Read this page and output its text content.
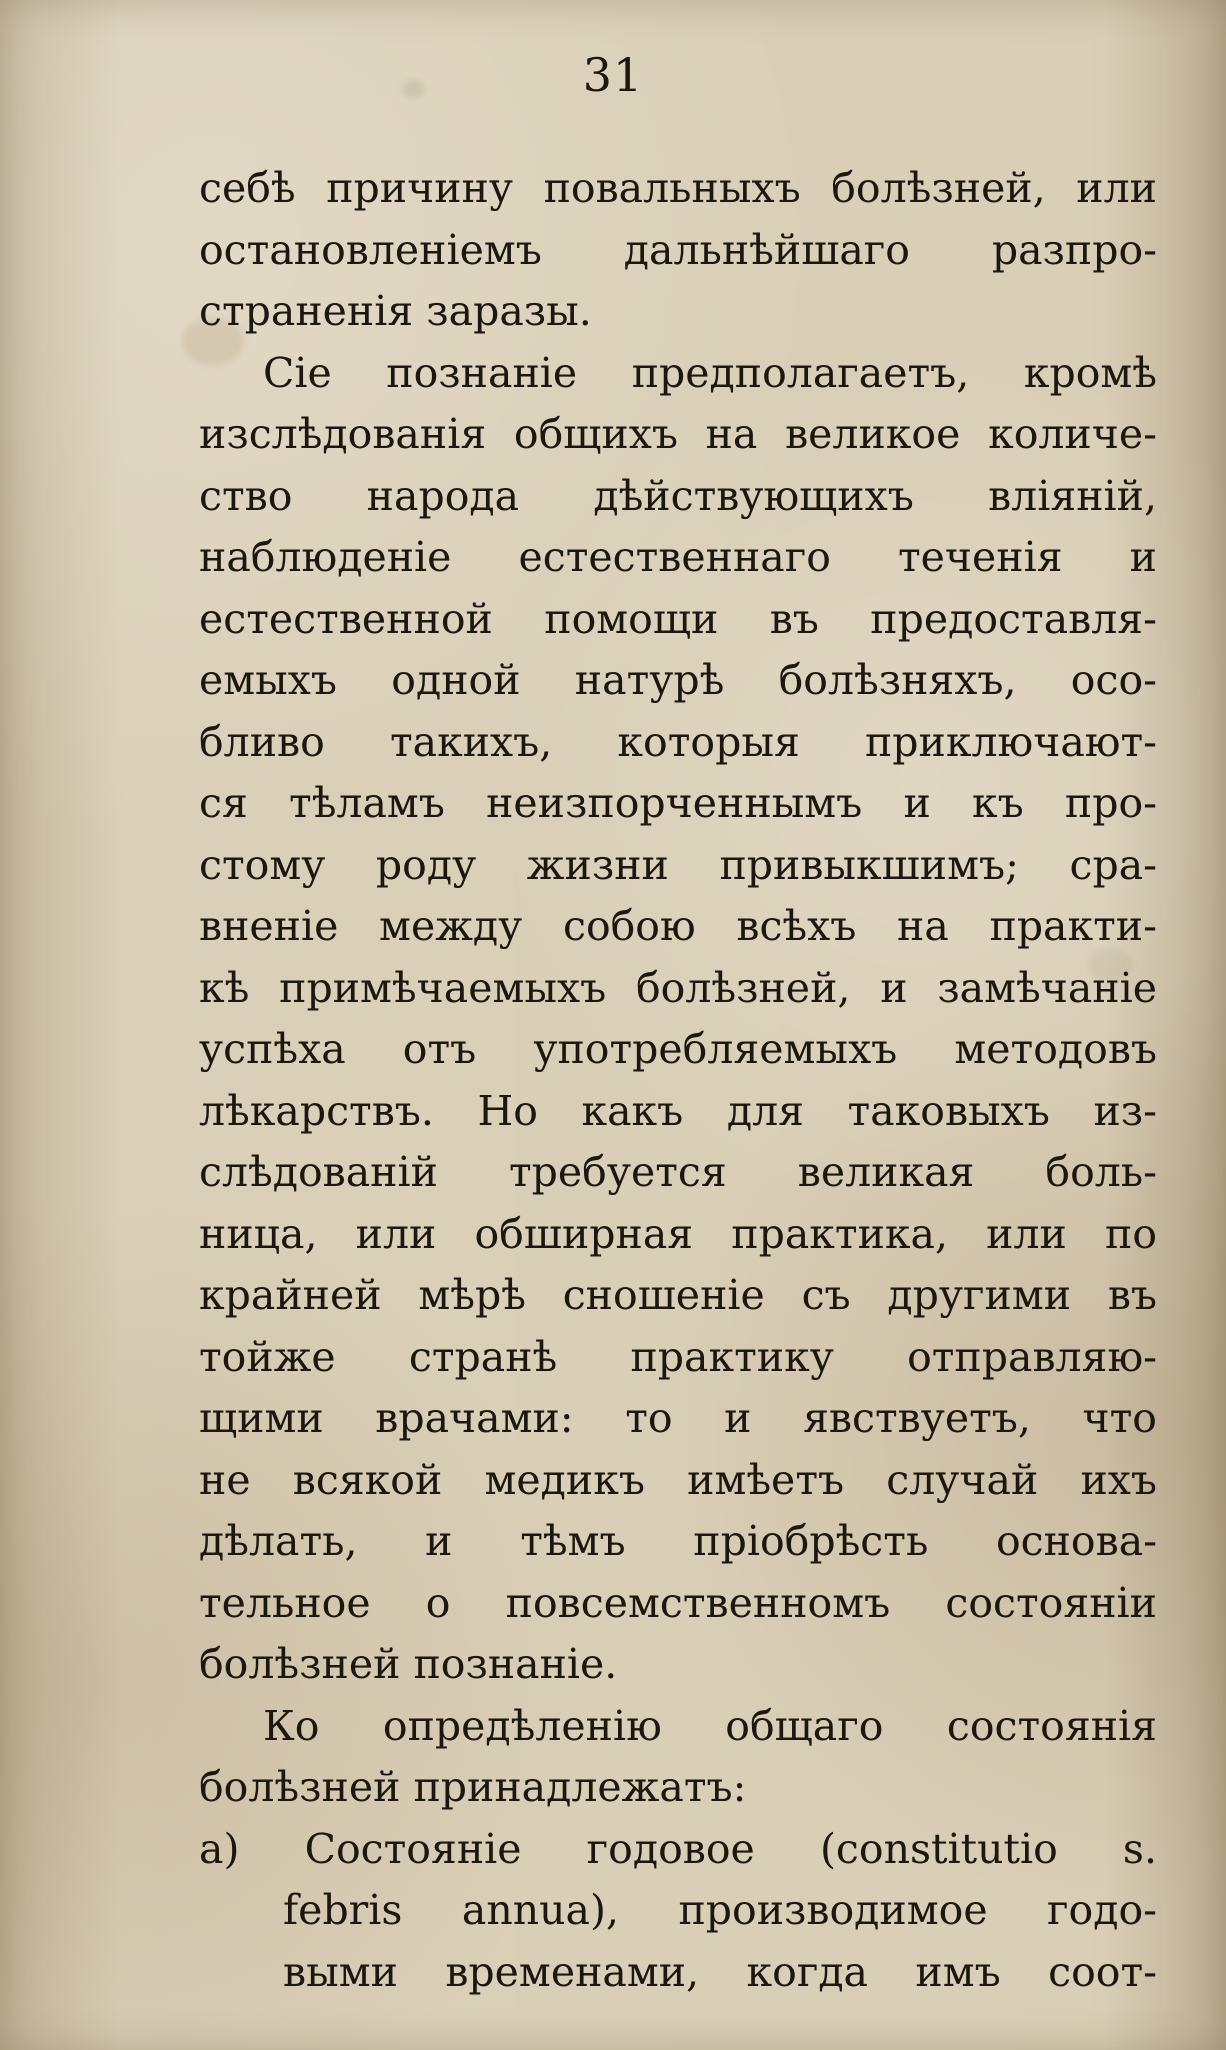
31
себѣ причину повальныхъ болѣзней, или
остановленіемъ дальнѣйшаго разпро-
страненія заразы.
Сіе познаніе предполагаетъ, кромѣ
изслѣдованія общихъ на великое количе-
ство народа дѣйствующихъ вліяній,
наблюденіе естественнаго теченія и
естественной помощи въ предоставля-
емыхъ одной натурѣ болѣзняхъ, осо-
бливо такихъ, которыя приключают-
ся тѣламъ неизпорченнымъ и къ про-
стому роду жизни привыкшимъ; сра-
вненіе между собою всѣхъ на практи-
кѣ примѣчаемыхъ болѣзней, и замѣчаніе
успѣха отъ употребляемыхъ методовъ
лѣкарствъ. Но какъ для таковыхъ из-
слѣдованій требуется великая боль-
ница, или обширная практика, или по
крайней мѣрѣ сношеніе съ другими въ
тойже странѣ практику отправляю-
щими врачами: то и явствуетъ, что
не всякой медикъ имѣетъ случай ихъ
дѣлать, и тѣмъ пріобрѣсть основа-
тельное о повсемственномъ состояніи
болѣзней познаніе.
Ко опредѣленію общаго состоянія
болѣзней принадлежатъ:
a) Состояніе годовое (constitutio s.
febris annua), производимое годо-
выми временами, когда имъ соот-
